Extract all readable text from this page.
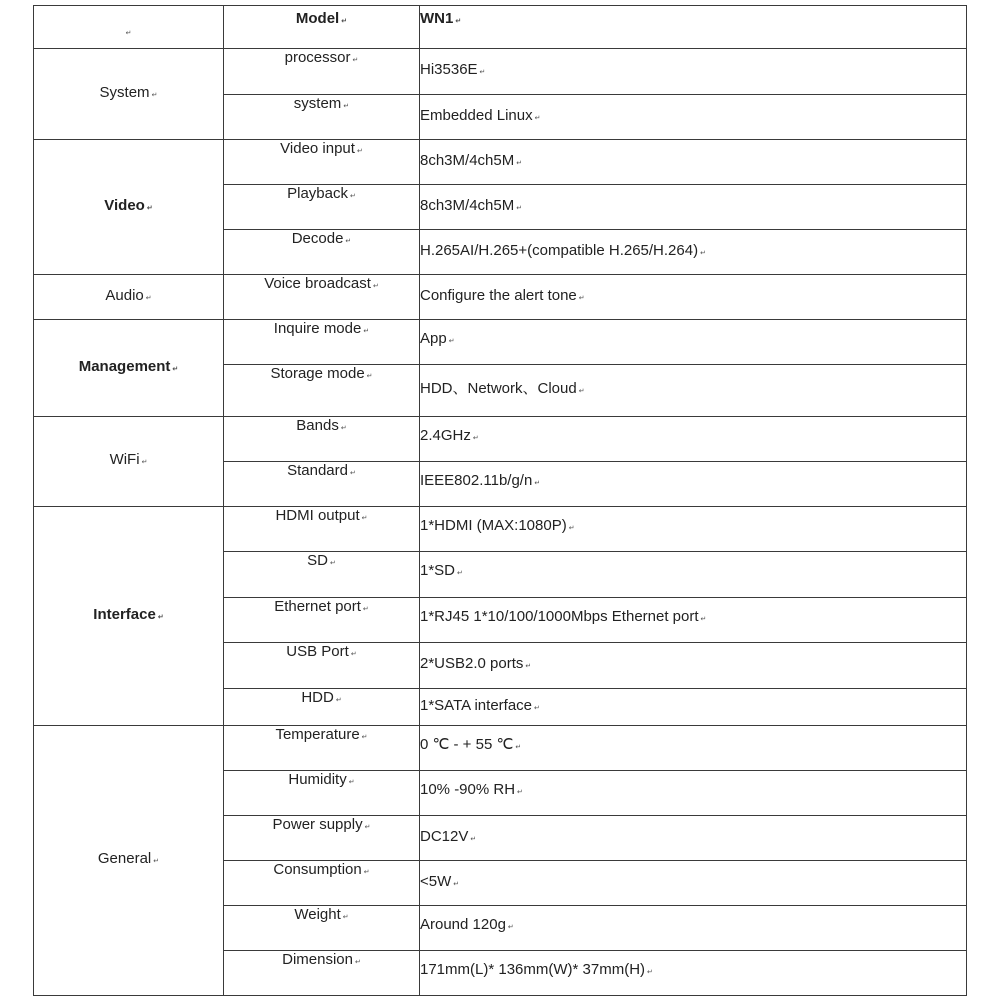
↵	Model ↵	WN1 ↵
System ↵	processor ↵	Hi3536E ↵
	system ↵	Embedded Linux ↵
Video ↵	Video input ↵	8ch3M/4ch5M ↵
	Playback ↵	8ch3M/4ch5M ↵
	Decode ↵	H.265AI/H.265+(compatible H.265/H.264) ↵
Audio ↵	Voice broadcast ↵	Configure the alert tone ↵
Management ↵	Inquire mode ↵	App ↵
	Storage mode ↵	HDD、Network、Cloud ↵
WiFi ↵	Bands ↵	2.4GHz ↵
	Standard ↵	IEEE802.11b/g/n ↵
Interface ↵	HDMI output ↵	1*HDMI (MAX:1080P) ↵
	SD ↵	1*SD ↵
	Ethernet port ↵	1*RJ45 1*10/100/1000Mbps Ethernet port ↵
	USB Port ↵	2*USB2.0 ports ↵
	HDD ↵	1*SATA interface ↵
General ↵	Temperature ↵	0 ℃ - + 55 ℃ ↵
	Humidity ↵	10% -90% RH ↵
	Power supply ↵	DC12V ↵
	Consumption ↵	<5W ↵
	Weight ↵	Around 120g ↵
	Dimension ↵	171mm(L)* 136mm(W)* 37mm(H) ↵
